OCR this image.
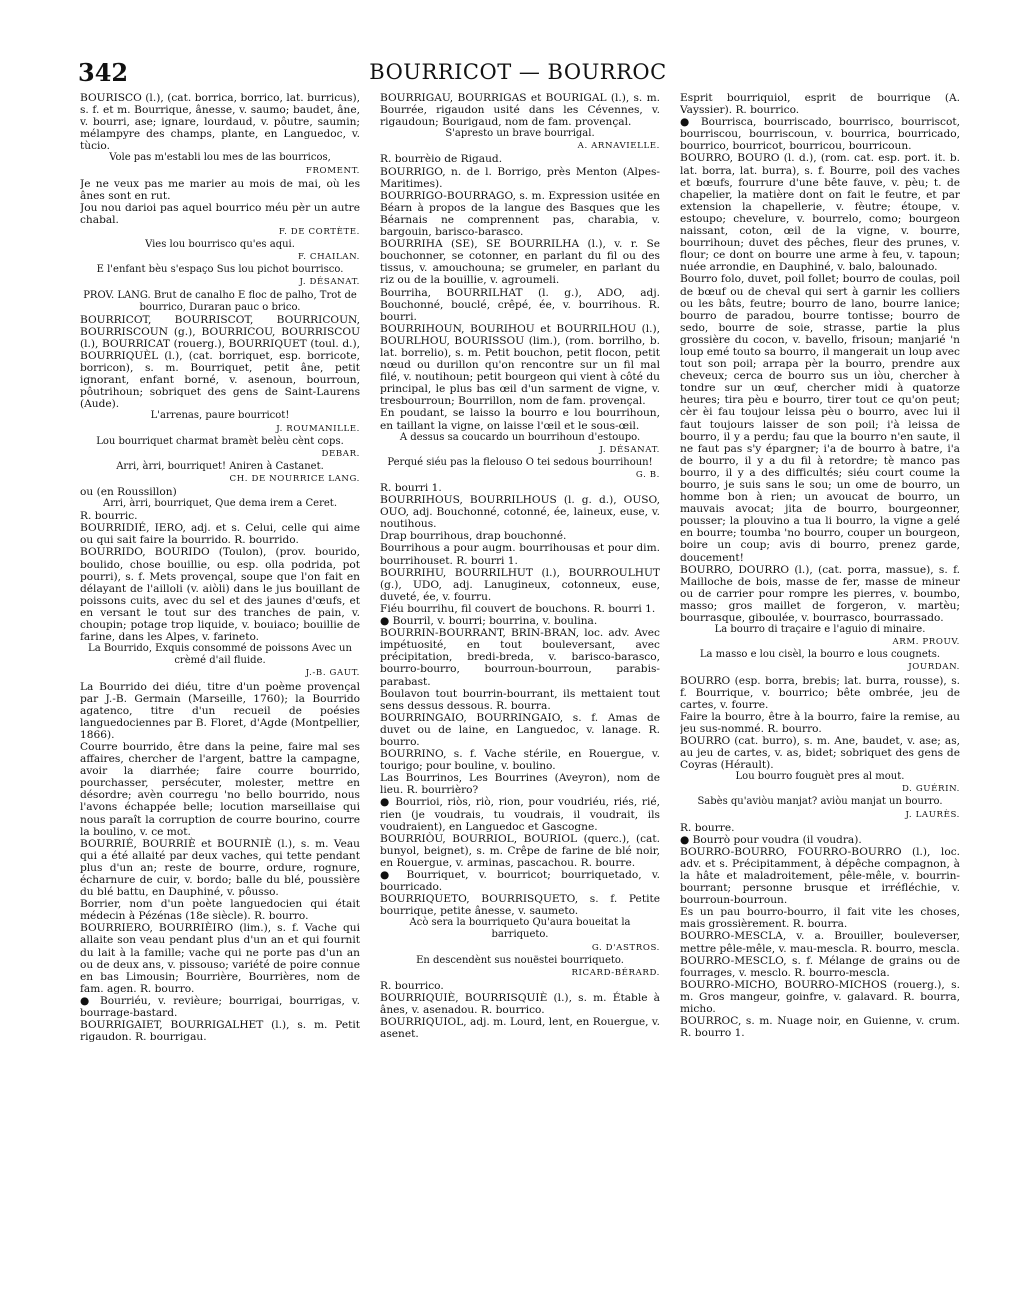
342	BOURRICOT — BOURROC

BOURISCO (l.), (cat. borrica, borrico, lat. burricus), s. f. et m. Bourrique, ânesse, v. saumo; baudet, âne, v. bourri, ase; ignare, lourdaud, v. pôutre, saumin; mélampyre des champs, plante, en Languedoc, v. tùcio.

Vole pas m'establi lou mes de las bourricos,

FROMENT.

Je ne veux pas me marier au mois de mai, où les ânes sont en rut.

Jou nou darioi pas aquel bourrico méu pèr un autre chabal.

F. DE CORTÈTE.

Vies lou bourrisco qu'es aqui.

F. CHAILAN.

E l'enfant bèu s'espaço Sus lou pichot bourrisco.

J. DÉSANAT.

PROV. LANG. Brut de canalho E floc de palho, Trot de bourrico, Duraran pauc o brico.

BOURRICOT, BOURRISCOT, BOURRICOUN, BOURRISCOUN (g.), BOURRICOU, BOURRISCOU (l.), BOURRICAT (rouerg.), BOURRIQUET (toul. d.), BOURRIQUÈL (l.), (cat. borriquet, esp. borricote, borricon), s. m. Bourriquet, petit âne, petit ignorant, enfant borné, v. asenoun, bourroun, pôutrihoun; sobriquet des gens de Saint-Laurens (Aude).

L'arrenas, paure bourricot!

J. ROUMANILLE.

Lou bourriquet charmat bramèt belèu cènt cops.

DEBAR.

Arri, àrri, bourriquet! Aniren à Castanet.

CH. DE NOURRICE LANG.

ou (en Roussillon)

Arri, àrri, bourriquet, Que dema irem a Ceret.

R. bourric.

BOURRIDIÉ, IERO, adj. et s. Celui, celle qui aime ou qui sait faire la bourrido. R. bourrido.

BOURRIDO, BOURIDO (Toulon), (prov. bourido, boulido, chose bouillie, ou esp. olla podrida, pot pourri), s. f. Mets provençal, soupe que l'on fait en délayant de l'ailloli (v. aiòli) dans le jus bouillant de poissons cuits, avec du sel et des jaunes d'œufs, et en versant le tout sur des tranches de pain, v. choupin; potage trop liquide, v. bouiaco; bouillie de farine, dans les Alpes, v. farineto.

La Bourrido, Exquis consommé de poissons Avec un crèmé d'ail fluide.

J.-B. GAUT.

La Bourrido dei diéu, titre d'un poème provençal par J.-B. Germain (Marseille, 1760); la Bourrido agatenco, titre d'un recueil de poésies languedociennes par B. Floret, d'Agde (Montpellier, 1866).

Courre bourrido, être dans la peine, faire mal ses affaires, chercher de l'argent, battre la campagne, avoir la diarrhée; faire courre bourrido, pourchasser, persécuter, molester, mettre en désordre; avèn courregu 'no bello bourrido, nous l'avons échappée belle; locution marseillaise qui nous paraît la corruption de courre bourino, courre la boulino, v. ce mot.

BOURRIÉ, BOURRIÈ et BOURNIÈ (l.), s. m. Veau qui a été allaité par deux vaches, qui tette pendant plus d'un an; reste de bourre, ordure, rognure, écharnure de cuir, v. bordo; balle du blé, poussière du blé battu, en Dauphiné, v. pôusso.

Borrier, nom d'un poète languedocien qui était médecin à Pézénas (18e siècle). R. bourro.

BOURRIERO, BOURRIÈIRO (lim.), s. f. Vache qui allaite son veau pendant plus d'un an et qui fournit du lait à la famille; vache qui ne porte pas d'un an ou de deux ans, v. pissouso; variété de poire connue en bas Limousin; Bourrière, Bourrières, nom de fam. agen. R. bourro.

● Bourriéu, v. revièure; bourrigai, bourrigas, v. bourrage-bastard.

BOURRIGAIET, BOURRIGALHET (l.), s. m. Petit rigaudon. R. bourrigau.

BOURRIGAU, BOURRIGAS et BOURIGAL (l.), s. m. Bourrée, rigaudon usité dans les Cévennes, v. rigaudoun; Bourigaud, nom de fam. provençal.

S'apresto un brave bourrigal.

A. ARNAVIELLE.

R. bourrèio de Rigaud.

BOURRIGO, n. de l. Borrigo, près Menton (Alpes-Maritimes).

BOURRIGO-BOURRAGO, s. m. Expression usitée en Béarn à propos de la langue des Basques que les Béarnais ne comprennent pas, charabia, v. bargouin, barisco-barasco.

BOURRIHA (SE), SE BOURRILHA (l.), v. r. Se bouchonner, se cotonner, en parlant du fil ou des tissus, v. amouchouna; se grumeler, en parlant du riz ou de la bouillie, v. agroumeli.

Bourriha, BOURRILHAT (l. g.), ADO, adj. Bouchonné, bouclé, crêpé, ée, v. bourrihous. R. bourri.

BOURRIHOUN, BOURIHOU et BOURRILHOU (l.), BOURLHOU, BOURISSOU (lim.), (rom. borrilho, b. lat. borrelio), s. m. Petit bouchon, petit flocon, petit nœud ou durillon qu'on rencontre sur un fil mal filé, v. noutihoun; petit bourgeon qui vient à côté du principal, le plus bas œil d'un sarment de vigne, v. tresbourroun; Bourrillon, nom de fam. provençal.

En poudant, se laisso la bourro e lou bourrihoun, en taillant la vigne, on laisse l'œil et le sous-œil.

A dessus sa coucardo un bourrihoun d'estoupo.

J. DÉSANAT.

Perqué siéu pas la flelouso O tei sedous bourrihoun!

G. B.

R. bourri 1.

BOURRIHOUS, BOURRILHOUS (l. g. d.), OUSO, OUO, adj. Bouchonné, cotonné, ée, laineux, euse, v. noutihous.

Drap bourrihous, drap bouchonné.

Bourrihous a pour augm. bourrihousas et pour dim. bourrihouset. R. bourri 1.

BOURRIHU, BOURRILHUT (l.), BOURROULHUT (g.), UDO, adj. Lanugineux, cotonneux, euse, duveté, ée, v. fourru.

Fiéu bourrihu, fil couvert de bouchons. R. bourri 1.

● Bourril, v. bourri; bourrina, v. boulina.

BOURRIN-BOURRANT, BRIN-BRAN, loc. adv. Avec impétuosité, en tout bouleversant, avec précipitation, bredi-breda, v. barisco-barasco, bourro-bourro, bourroun-bourroun, parabis-parabast.

Boulavon tout bourrin-bourrant, ils mettaient tout sens dessus dessous. R. bourra.

BOURRINGAIO, BOURRINGAIO, s. f. Amas de duvet ou de laine, en Languedoc, v. lanage. R. bourro.

BOURRINO, s. f. Vache stérile, en Rouergue, v. tourigo; pour bouline, v. boulino.

Las Bourrinos, Les Bourrines (Aveyron), nom de lieu. R. bourrièro?

● Bourrioi, riòs, riò, rion, pour voudriéu, riés, rié, rien (je voudrais, tu voudrais, il voudrait, ils voudraient), en Languedoc et Gascogne.

BOURRIÒU, BOURRIOL, BOURIOL (querc.), (cat. bunyol, beignet), s. m. Crêpe de farine de blé noir, en Rouergue, v. arminas, pascachou. R. bourre.

● Bourriquet, v. bourricot; bourriquetado, v. bourricado.

BOURRIQUETO, BOURRISQUETO, s. f. Petite bourrique, petite ânesse, v. saumeto.

Acò sera la bourriqueto Qu'aura boueitat la barriqueto.

G. D'ASTROS.

En descendènt sus nouëstei bourriqueto.

RICARD-BÉRARD.

R. bourrico.

BOURRIQUIÈ, BOURRISQUIÈ (l.), s. m. Étable à ânes, v. asenadou. R. bourrico.

BOURRIQUIOL, adj. m. Lourd, lent, en Rouergue, v. asenet.

Esprit bourriquiol, esprit de bourrique (A. Vayssier). R. bourrico.

● Bourrisca, bourriscado, bourrisco, bourriscot, bourriscou, bourriscoun, v. bourrica, bourricado, bourrico, bourricot, bourricou, bourricoun.

BOURRO, BOURO (l. d.), (rom. cat. esp. port. it. b. lat. borra, lat. burra), s. f. Bourre, poil des vaches et bœufs, fourrure d'une bête fauve, v. pèu; t. de chapelier, la matière dont on fait le feutre, et par extension la chapellerie, v. fèutre; étoupe, v. estoupo; chevelure, v. bourrelo, como; bourgeon naissant, coton, œil de la vigne, v. bourre, bourrihoun; duvet des pêches, fleur des prunes, v. flour; ce dont on bourre une arme à feu, v. tapoun; nuée arrondie, en Dauphiné, v. balo, balounado.

Bourro folo, duvet, poil follet; bourro de coulas, poil de bœuf ou de cheval qui sert à garnir les colliers ou les bâts, feutre; bourro de lano, bourre lanice; bourro de paradou, bourre tontisse; bourro de sedo, bourre de soie, strasse, partie la plus grossière du cocon, v. bavello, frisoun; manjarié 'n loup emé touto sa bourro, il mangerait un loup avec tout son poil; arrapa pèr la bourro, prendre aux cheveux; cerca de bourro sus un iòu, chercher à tondre sur un œuf, chercher midi à quatorze heures; tira pèu e bourro, tirer tout ce qu'on peut; cèr èi fau toujour leissa pèu o bourro, avec lui il faut toujours laisser de son poil; i'à leissa de bourro, il y a perdu; fau que la bourro n'en saute, il ne faut pas s'y épargner; i'a de bourro à batre, i'a de bourro, il y a du fil à retordre; tè manco pas bourro, il y a des difficultés; siéu court coume la bourro, je suis sans le sou; un ome de bourro, un homme bon à rien; un avoucat de bourro, un mauvais avocat; jita de bourro, bourgeonner, pousser; la plouvino a tua li bourro, la vigne a gelé en bourre; toumba 'no bourro, couper un bourgeon, boire un coup; avis di bourro, prenez garde, doucement!

BOURRO, DOURRO (l.), (cat. porra, massue), s. f. Mailloche de bois, masse de fer, masse de mineur ou de carrier pour rompre les pierres, v. boumbo, masso; gros maillet de forgeron, v. martèu; bourrasque, giboulée, v. bourrasco, bourrassado.

La bourro di traçaire e l'aguio di minaire.

ARM. PROUV.

La masso e lou cisèl, la bourro e lous cougnets.

JOURDAN.

BOURRO (esp. borra, brebis; lat. burra, rousse), s. f. Bourrique, v. bourrico; bête ombrée, jeu de cartes, v. fourre.

Faire la bourro, être à la bourro, faire la remise, au jeu sus-nommé. R. bourro.

BOURRO (cat. burro), s. m. Ane, baudet, v. ase; as, au jeu de cartes, v. as, bidet; sobriquet des gens de Coyras (Hérault).

Lou bourro fouguèt pres al mout.

D. GUÉRIN.

Sabès qu'aviòu manjat? aviòu manjat un bourro.

J. LAURÈS.

R. bourre.

● Bourrò pour voudra (il voudra).

BOURRO-BOURRO, FOURRO-BOURRO (l.), loc. adv. et s. Précipitamment, à dépêche compagnon, à la hâte et maladroitement, pêle-mêle, v. bourrin-bourrant; personne brusque et irréfléchie, v. bourroun-bourroun.

Es un pau bourro-bourro, il fait vite les choses, mais grossièrement. R. bourra.

BOURRO-MESCLA, v. a. Brouiller, bouleverser, mettre pêle-mêle, v. mau-mescla. R. bourro, mescla.

BOURRO-MESCLO, s. f. Mélange de grains ou de fourrages, v. mesclo. R. bourro-mescla.

BOURRO-MICHO, BOURRO-MICHOS (rouerg.), s. m. Gros mangeur, goinfre, v. galavard. R. bourra, micho.

BOURROC, s. m. Nuage noir, en Guienne, v. crum. R. bourro 1.
